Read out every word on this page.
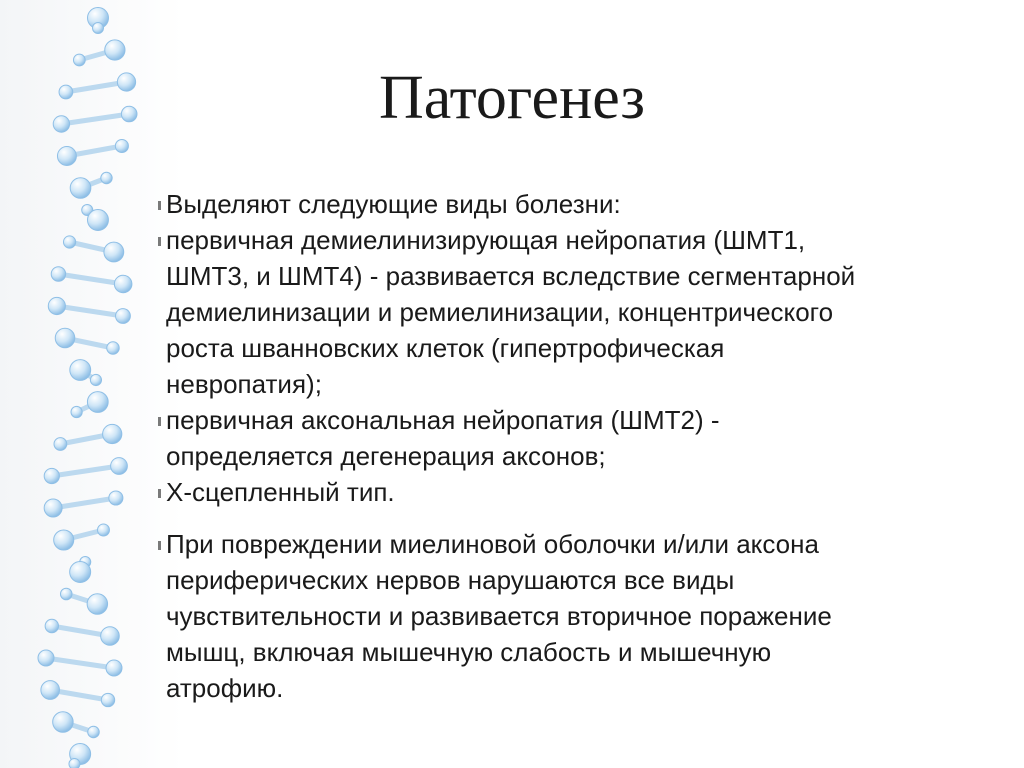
Патогенез
Выделяют следующие виды болезни:
первичная демиелинизирующая нейропатия (ШМТ1,
ШМТ3, и ШМТ4) - развивается вследствие сегментарной
демиелинизации и ремиелинизации, концентрического
роста шванновских клеток (гипертрофическая
невропатия);
первичная аксональная нейропатия (ШМТ2) -
определяется дегенерация аксонов;
X-сцепленный тип.
При повреждении миелиновой оболочки и/или аксона
периферических нервов нарушаются все виды
чувствительности и развивается вторичное поражение
мышц, включая мышечную слабость и мышечную
атрофию.
